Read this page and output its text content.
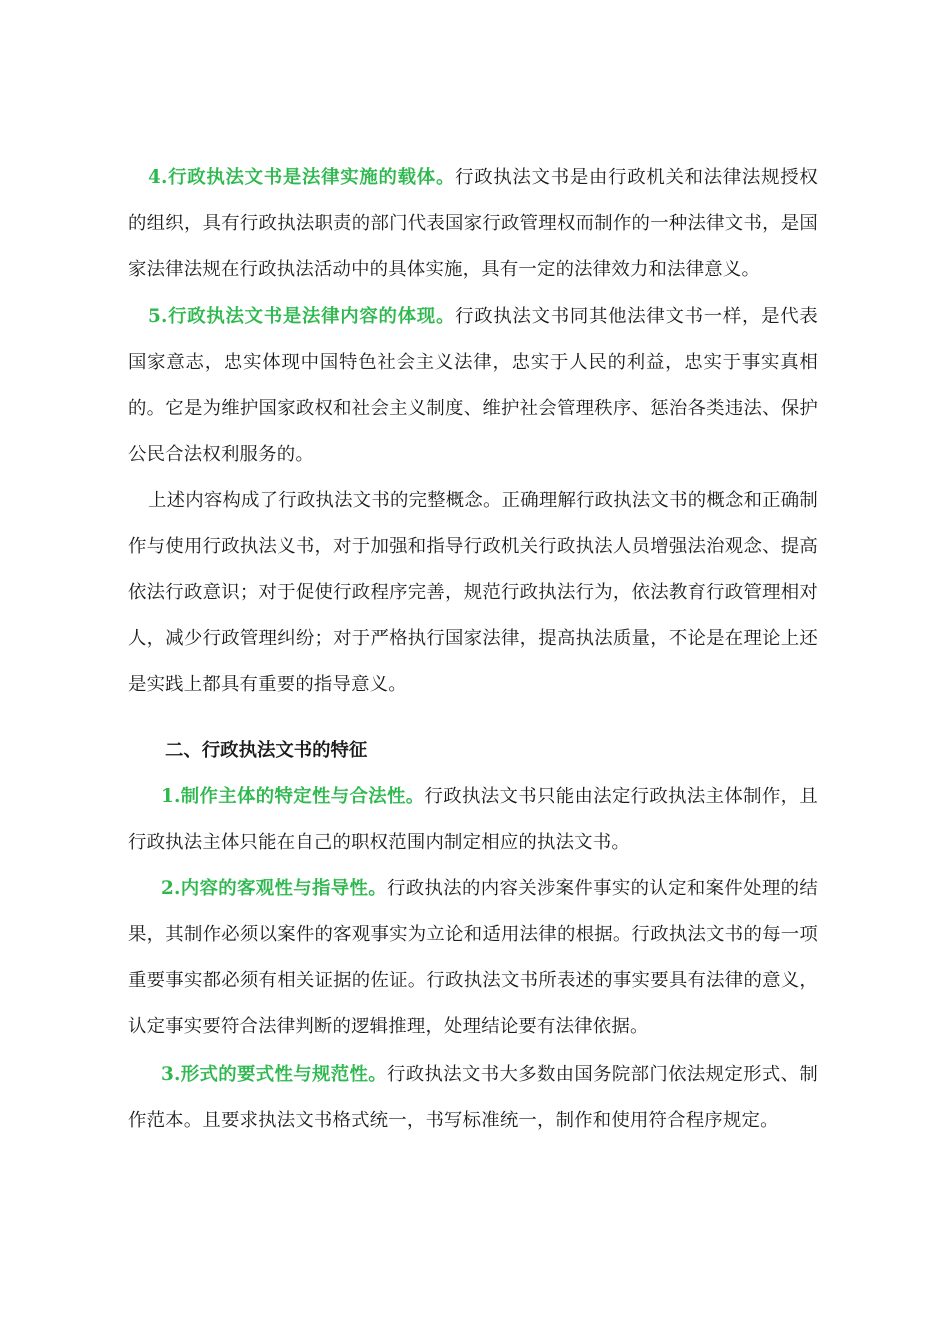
4.行政执法文书是法律实施的载体。行政执法文书是由行政机关和法律法规授权的组织，具有行政执法职责的部门代表国家行政管理权而制作的一种法律文书，是国家法律法规在行政执法活动中的具体实施，具有一定的法律效力和法律意义。

5.行政执法文书是法律内容的体现。行政执法文书同其他法律文书一样，是代表国家意志，忠实体现中国特色社会主义法律，忠实于人民的利益，忠实于事实真相的。它是为维护国家政权和社会主义制度、维护社会管理秩序、惩治各类违法、保护公民合法权利服务的。

上述内容构成了行政执法文书的完整概念。正确理解行政执法文书的概念和正确制作与使用行政执法义书，对于加强和指导行政机关行政执法人员增强法治观念、提高依法行政意识；对于促使行政程序完善，规范行政执法行为，依法教育行政管理相对人，减少行政管理纠纷；对于严格执行国家法律，提高执法质量，不论是在理论上还是实践上都具有重要的指导意义。

二、行政执法文书的特征

1.制作主体的特定性与合法性。行政执法文书只能由法定行政执法主体制作，且行政执法主体只能在自己的职权范围内制定相应的执法文书。

2.内容的客观性与指导性。行政执法的内容关涉案件事实的认定和案件处理的结果，其制作必须以案件的客观事实为立论和适用法律的根据。行政执法文书的每一项重要事实都必须有相关证据的佐证。行政执法文书所表述的事实要具有法律的意义，认定事实要符合法律判断的逻辑推理，处理结论要有法律依据。

3.形式的要式性与规范性。行政执法文书大多数由国务院部门依法规定形式、制作范本。且要求执法文书格式统一，书写标准统一，制作和使用符合程序规定。
